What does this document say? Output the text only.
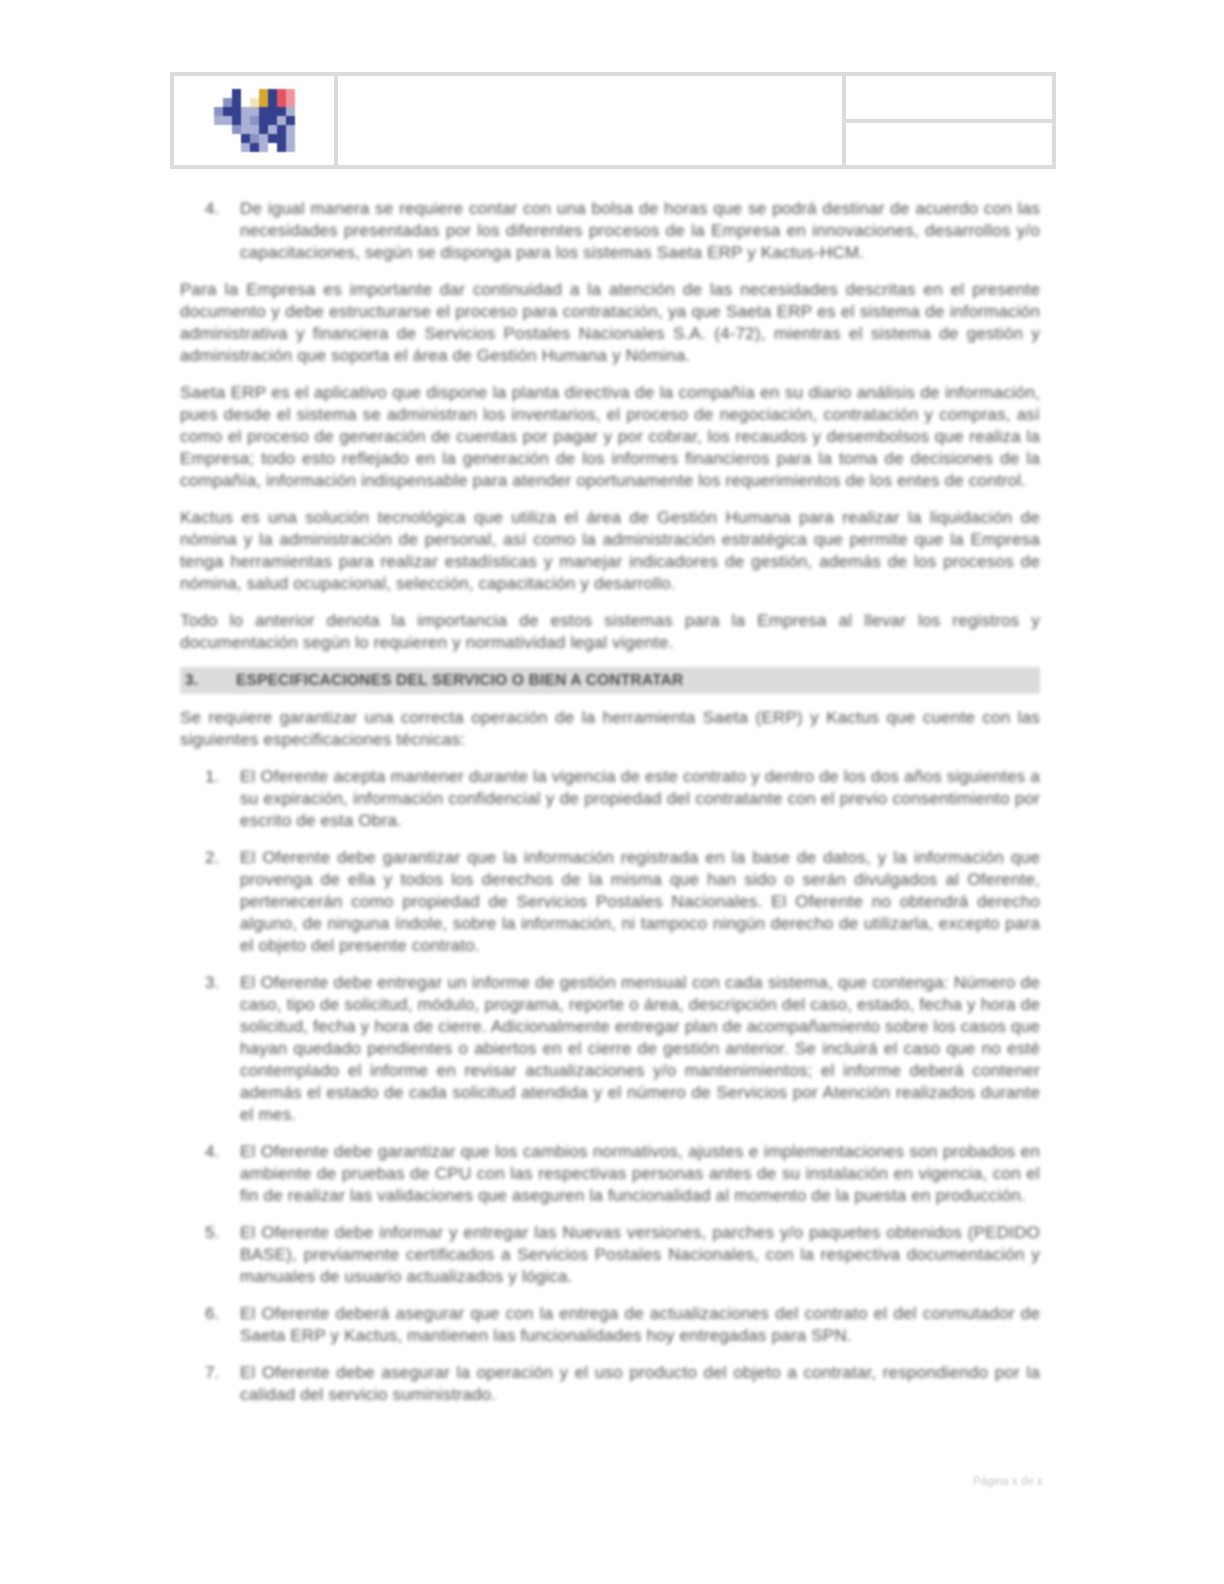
4. De igual manera se requiere contar con una bolsa de horas que se podrá destinar de acuerdo con las necesidades presentadas por los diferentes procesos de la Empresa en innovaciones, desarrollos y/o capacitaciones, según se disponga para los sistemas Saeta ERP y Kactus-HCM.

Para la Empresa es importante dar continuidad a la atención de las necesidades descritas en el presente documento y debe estructurarse el proceso para contratación, ya que Saeta ERP es el sistema de información administrativa y financiera de Servicios Postales Nacionales S.A. (4-72), mientras el sistema de gestión y administración que soporta el área de Gestión Humana y Nómina.

Saeta ERP es el aplicativo que dispone la planta directiva de la compañía en su diario análisis de información, pues desde el sistema se administran los inventarios, el proceso de negociación, contratación y compras, así como el proceso de generación de cuentas por pagar y por cobrar, los recaudos y desembolsos que realiza la Empresa; todo esto reflejado en la generación de los informes financieros para la toma de decisiones de la compañía, información indispensable para atender oportunamente los requerimientos de los entes de control.

Kactus es una solución tecnológica que utiliza el área de Gestión Humana para realizar la liquidación de nómina y la administración de personal, así como la administración estratégica que permite que la Empresa tenga herramientas para realizar estadísticas y manejar indicadores de gestión, además de los procesos de nómina, salud ocupacional, selección, capacitación y desarrollo.

Todo lo anterior denota la importancia de estos sistemas para la Empresa al llevar los registros y documentación según lo requieren y normatividad legal vigente.

3.	ESPECIFICACIONES DEL SERVICIO O BIEN A CONTRATAR

Se requiere garantizar una correcta operación de la herramienta Saeta (ERP) y Kactus que cuente con las siguientes especificaciones técnicas:

1. El Oferente acepta mantener durante la vigencia de este contrato y dentro de los dos años siguientes a su expiración, información confidencial y de propiedad del contratante con el previo consentimiento por escrito de esta Obra.
2. El Oferente debe garantizar que la información registrada en la base de datos, y la información que provenga de ella y todos los derechos de la misma que han sido o serán divulgados al Oferente, pertenecerán como propiedad de Servicios Postales Nacionales. El Oferente no obtendrá derecho alguno, de ninguna índole, sobre la información, ni tampoco ningún derecho de utilizarla, excepto para el objeto del presente contrato.
3. El Oferente debe entregar un informe de gestión mensual con cada sistema, que contenga: Número de caso, tipo de solicitud, módulo, programa, reporte o área, descripción del caso, estado, fecha y hora de solicitud, fecha y hora de cierre. Adicionalmente entregar plan de acompañamiento sobre los casos que hayan quedado pendientes o abiertos en el cierre de gestión anterior. Se incluirá el caso que no esté contemplado el informe en revisar actualizaciones y/o mantenimientos; el informe deberá contener además el estado de cada solicitud atendida y el número de Servicios por Atención realizados durante el mes.
4. El Oferente debe garantizar que los cambios normativos, ajustes e implementaciones son probados en ambiente de pruebas de CPU con las respectivas personas antes de su instalación en vigencia, con el fin de realizar las validaciones que aseguren la funcionalidad al momento de la puesta en producción.
5. El Oferente debe informar y entregar las Nuevas versiones, parches y/o paquetes obtenidos (PEDIDO BASE), previamente certificados a Servicios Postales Nacionales, con la respectiva documentación y manuales de usuario actualizados y lógica.
6. El Oferente deberá asegurar que con la entrega de actualizaciones del contrato el del conmutador de Saeta ERP y Kactus, mantienen las funcionalidades hoy entregadas para SPN.
7. El Oferente debe asegurar la operación y el uso producto del objeto a contratar, respondiendo por la calidad del servicio suministrado.
Página x de x
